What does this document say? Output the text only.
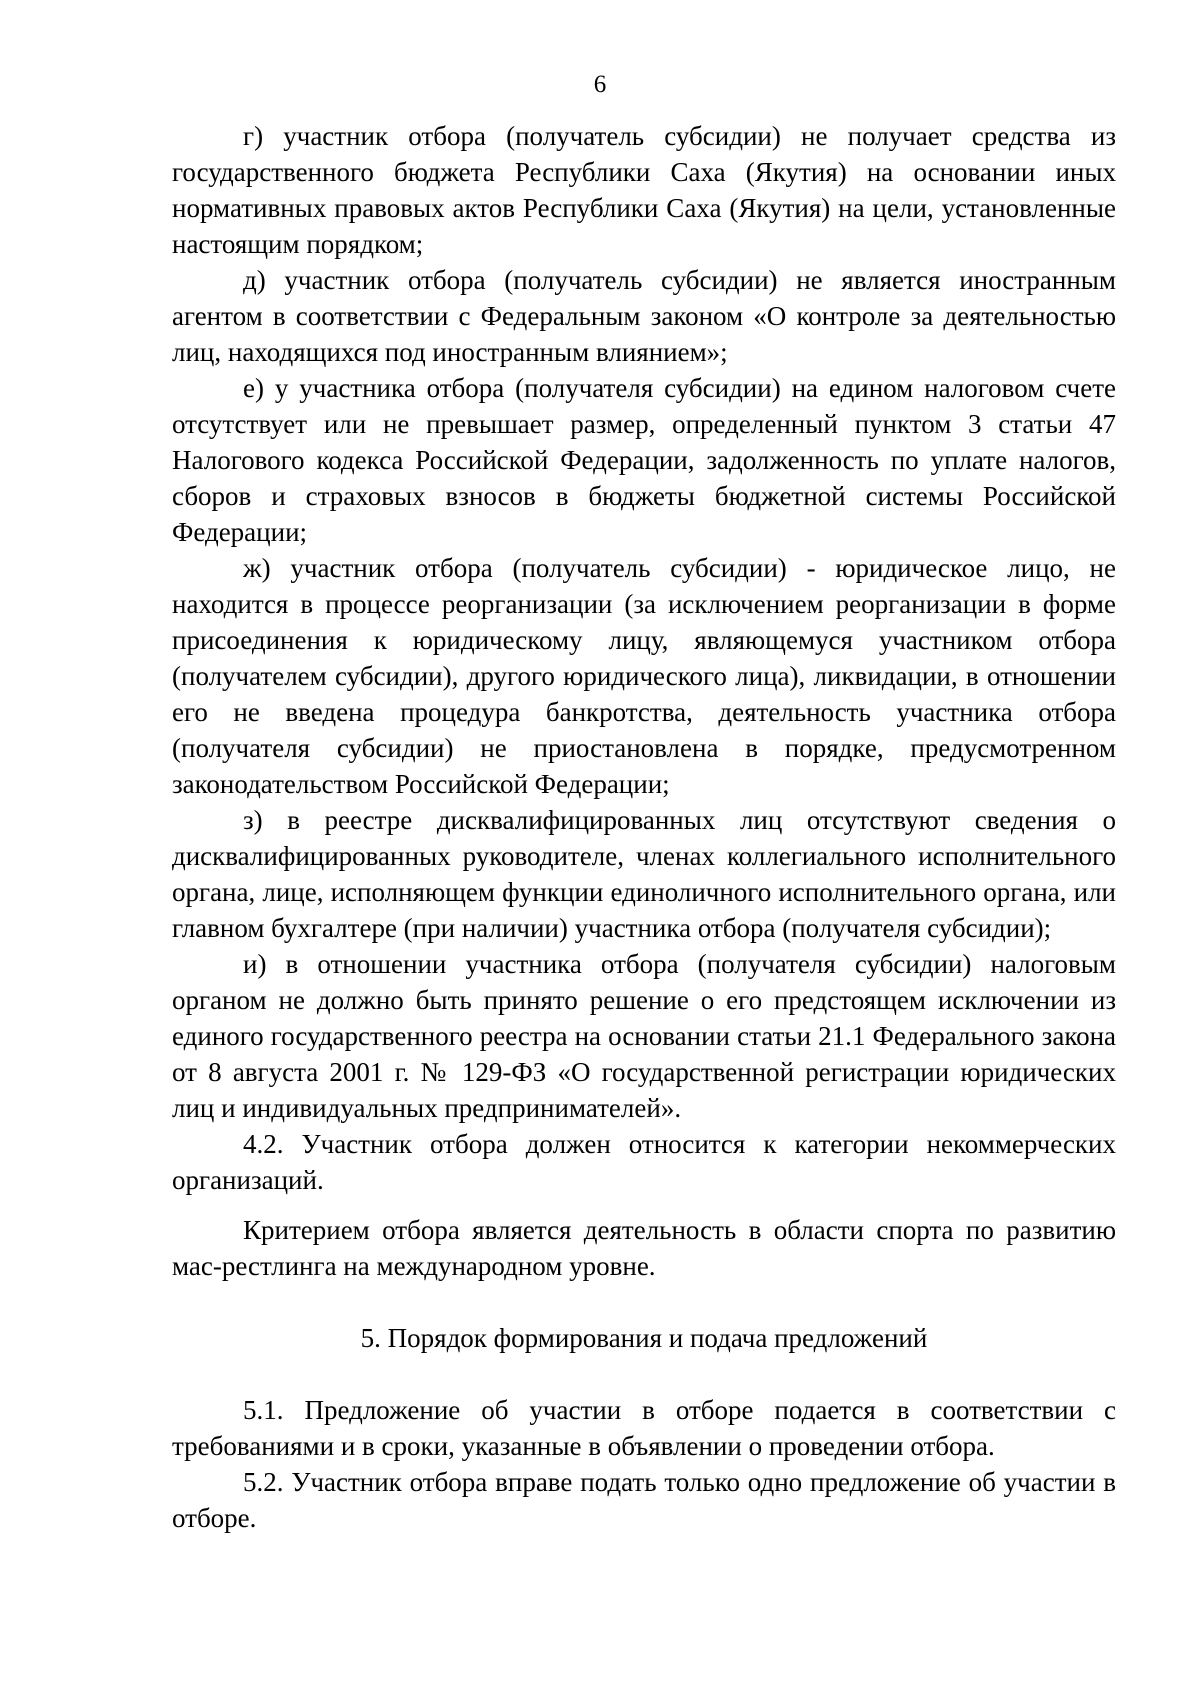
6

г) участник отбора (получатель субсидии) не получает средства из государственного бюджета Республики Саха (Якутия) на основании иных нормативных правовых актов Республики Саха (Якутия) на цели, установленные настоящим порядком;

д) участник отбора (получатель субсидии) не является иностранным агентом в соответствии с Федеральным законом «О контроле за деятельностью лиц, находящихся под иностранным влиянием»;

е) у участника отбора (получателя субсидии) на едином налоговом счете отсутствует или не превышает размер, определенный пунктом 3 статьи 47 Налогового кодекса Российской Федерации, задолженность по уплате налогов, сборов и страховых взносов в бюджеты бюджетной системы Российской Федерации;

ж) участник отбора (получатель субсидии) - юридическое лицо, не находится в процессе реорганизации (за исключением реорганизации в форме присоединения к юридическому лицу, являющемуся участником отбора (получателем субсидии), другого юридического лица), ликвидации, в отношении его не введена процедура банкротства, деятельность участника отбора (получателя субсидии) не приостановлена в порядке, предусмотренном законодательством Российской Федерации;

з) в реестре дисквалифицированных лиц отсутствуют сведения о дисквалифицированных руководителе, членах коллегиального исполнительного органа, лице, исполняющем функции единоличного исполнительного органа, или главном бухгалтере (при наличии) участника отбора (получателя субсидии);

и) в отношении участника отбора (получателя субсидии) налоговым органом не должно быть принято решение о его предстоящем исключении из единого государственного реестра на основании статьи 21.1 Федерального закона от 8 августа 2001 г. № 129-ФЗ «О государственной регистрации юридических лиц и индивидуальных предпринимателей».

4.2. Участник отбора должен относится к категории некоммерческих организаций.

Критерием отбора является деятельность в области спорта по развитию мас-рестлинга на международном уровне.

5. Порядок формирования и подача предложений

5.1. Предложение об участии в отборе подается в соответствии с требованиями и в сроки, указанные в объявлении о проведении отбора.

5.2. Участник отбора вправе подать только одно предложение об участии в отборе.
